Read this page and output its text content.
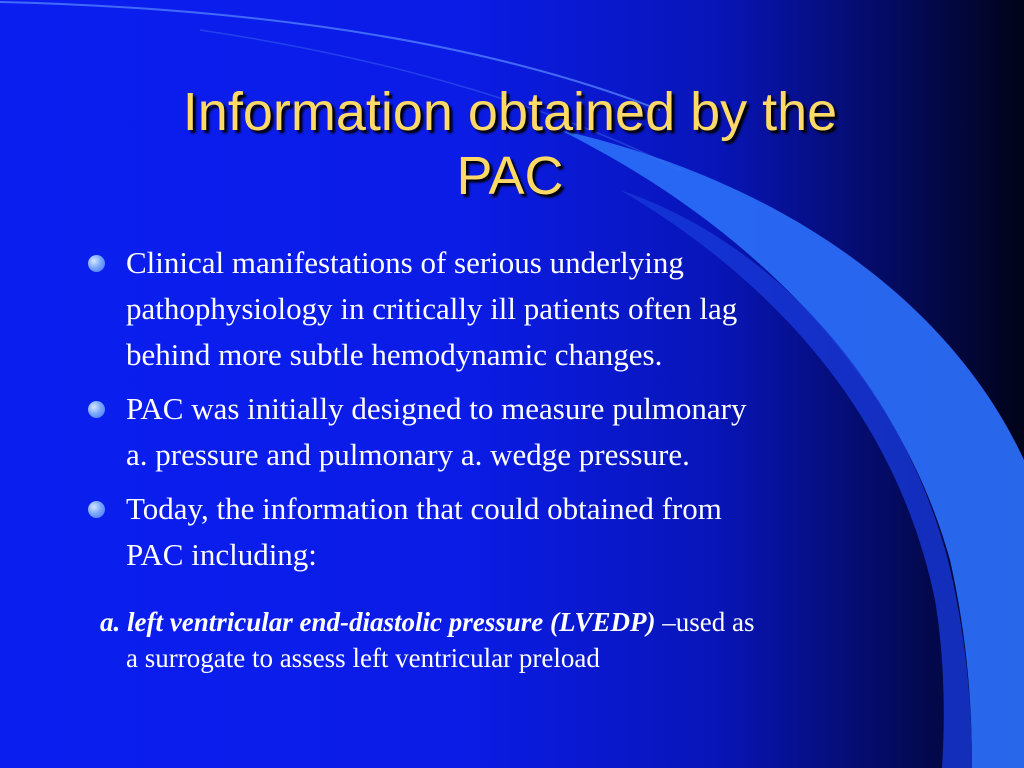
Information obtained by the
PAC
Clinical manifestations of serious underlying
pathophysiology in critically ill patients often lag
behind more subtle hemodynamic changes.
PAC was initially designed to measure pulmonary
a. pressure and pulmonary a. wedge pressure.
Today, the information that could obtained from
PAC including:
a. left ventricular end-diastolic pressure (LVEDP) –used as
a surrogate to assess left ventricular preload
